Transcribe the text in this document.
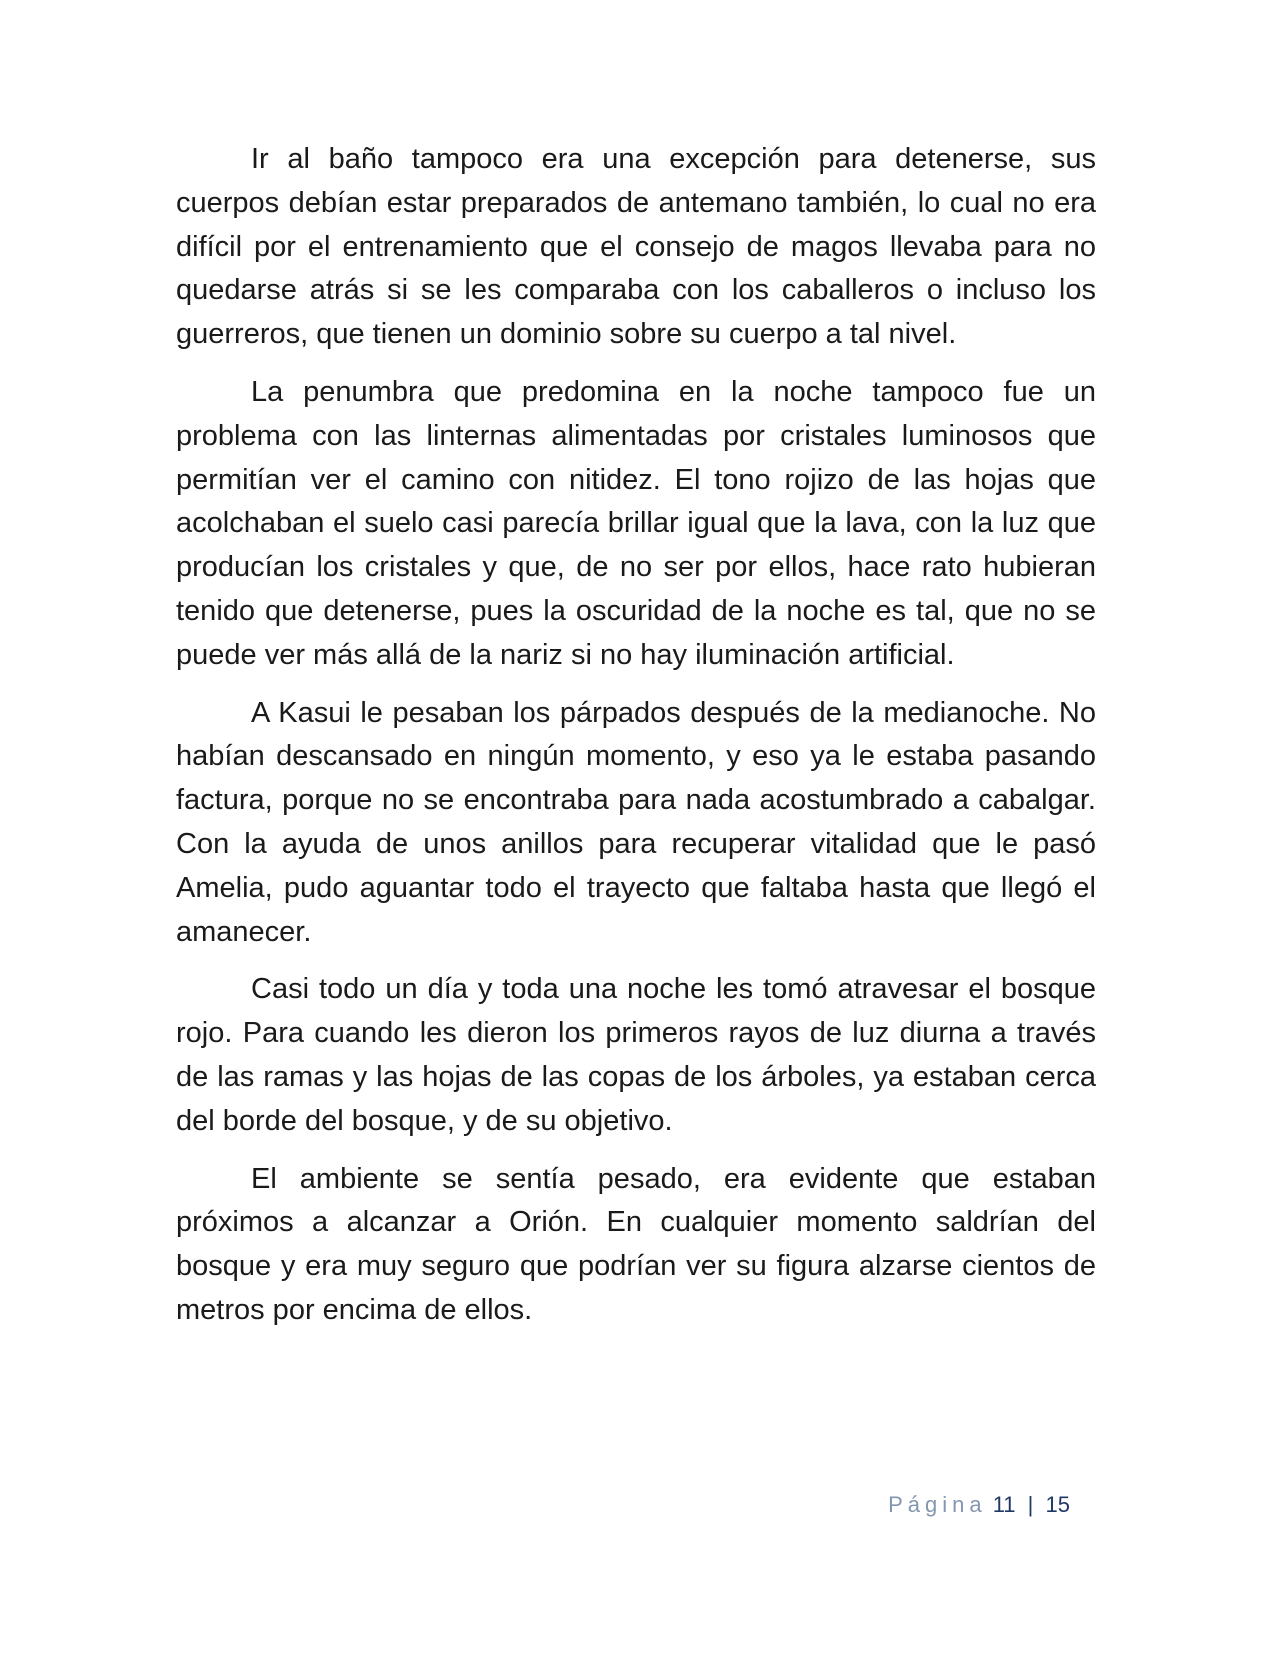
Ir al baño tampoco era una excepción para detenerse, sus cuerpos debían estar preparados de antemano también, lo cual no era difícil por el entrenamiento que el consejo de magos llevaba para no quedarse atrás si se les comparaba con los caballeros o incluso los guerreros, que tienen un dominio sobre su cuerpo a tal nivel.

La penumbra que predomina en la noche tampoco fue un problema con las linternas alimentadas por cristales luminosos que permitían ver el camino con nitidez. El tono rojizo de las hojas que acolchaban el suelo casi parecía brillar igual que la lava, con la luz que producían los cristales y que, de no ser por ellos, hace rato hubieran tenido que detenerse, pues la oscuridad de la noche es tal, que no se puede ver más allá de la nariz si no hay iluminación artificial.

A Kasui le pesaban los párpados después de la medianoche. No habían descansado en ningún momento, y eso ya le estaba pasando factura, porque no se encontraba para nada acostumbrado a cabalgar. Con la ayuda de unos anillos para recuperar vitalidad que le pasó Amelia, pudo aguantar todo el trayecto que faltaba hasta que llegó el amanecer.

Casi todo un día y toda una noche les tomó atravesar el bosque rojo. Para cuando les dieron los primeros rayos de luz diurna a través de las ramas y las hojas de las copas de los árboles, ya estaban cerca del borde del bosque, y de su objetivo.

El ambiente se sentía pesado, era evidente que estaban próximos a alcanzar a Orión. En cualquier momento saldrían del bosque y era muy seguro que podrían ver su figura alzarse cientos de metros por encima de ellos.

Página 11 | 15
